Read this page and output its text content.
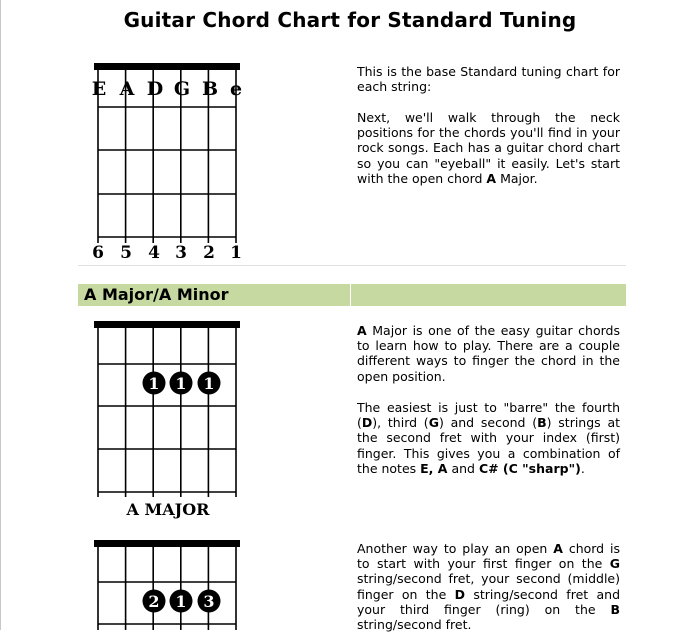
Guitar Chord Chart for Standard Tuning
E A D G B e
6 5 4 3 2 1
1 1 1
2 1 3

This is the base Standard tuning chart for each string:

Next, we'll walk through the neck positions for the chords you'll find in your rock songs. Each has a guitar chord chart so you can "eyeball" it easily. Let's start with the open chord A Major.

A Major/A Minor

A Major is one of the easy guitar chords to learn how to play. There are a couple different ways to finger the chord in the open position.

The easiest is just to "barre" the fourth (D), third (G) and second (B) strings at the second fret with your index (first) finger. This gives you a combination of the notes E, A and C# (C "sharp").

A MAJOR

Another way to play an open A chord is to start with your first finger on the G string/second fret, your second (middle) finger on the D string/second fret and your third finger (ring) on the B string/second fret.
